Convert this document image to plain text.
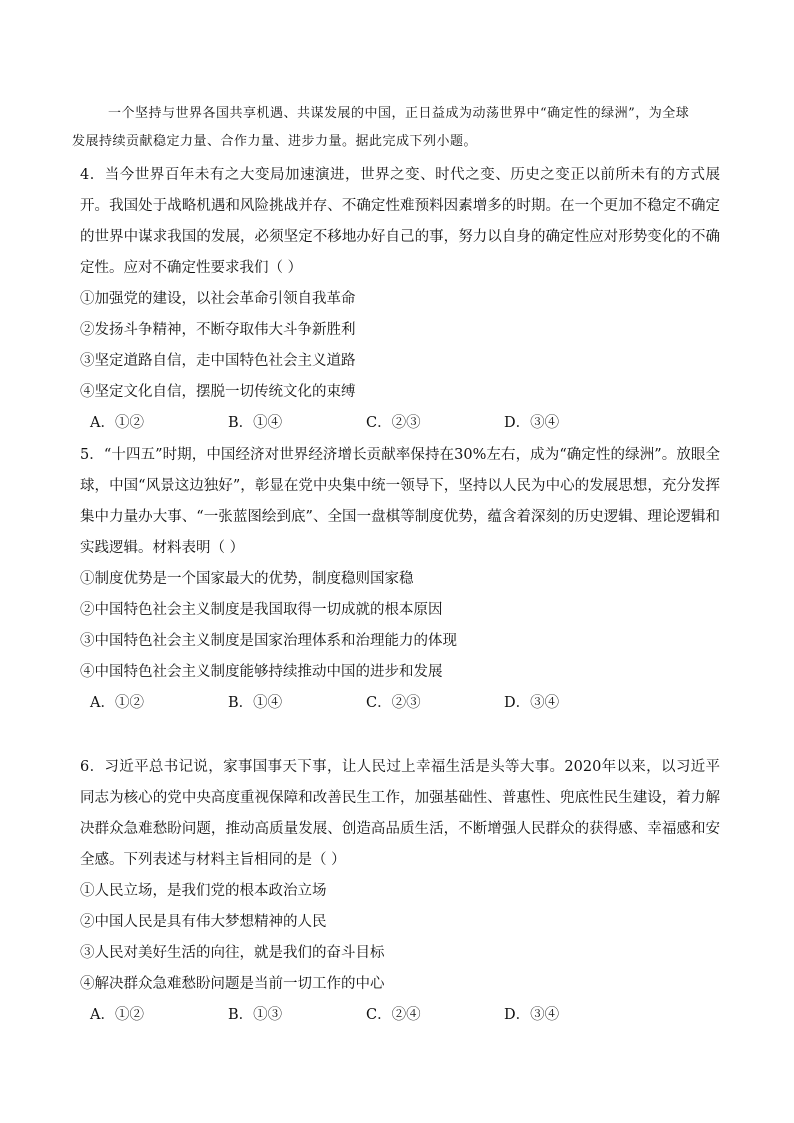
一个坚持与世界各国共享机遇、共谋发展的中国，正日益成为动荡世界中“确定性的绿洲”，为全球

发展持续贡献稳定力量、合作力量、进步力量。据此完成下列小题。

4．当今世界百年未有之大变局加速演进，世界之变、时代之变、历史之变正以前所未有的方式展开。我国处于战略机遇和风险挑战并存、不确定性难预料因素增多的时期。在一个更加不稳定不确定的世界中谋求我国的发展，必须坚定不移地办好自己的事，努力以自身的确定性应对形势变化的不确定性。应对不确定性要求我们（ ）

①加强党的建设，以社会革命引领自我革命

②发扬斗争精神，不断夺取伟大斗争新胜利

③坚定道路自信，走中国特色社会主义道路

④坚定文化自信，摆脱一切传统文化的束缚

A．①②	B．①④	C．②③	D．③④

5．“十四五”时期，中国经济对世界经济增长贡献率保持在30%左右，成为“确定性的绿洲”。放眼全球，中国“风景这边独好”，彰显在党中央集中统一领导下，坚持以人民为中心的发展思想，充分发挥集中力量办大事、“一张蓝图绘到底”、全国一盘棋等制度优势，蕴含着深刻的历史逻辑、理论逻辑和实践逻辑。材料表明（ ）

①制度优势是一个国家最大的优势，制度稳则国家稳

②中国特色社会主义制度是我国取得一切成就的根本原因

③中国特色社会主义制度是国家治理体系和治理能力的体现

④中国特色社会主义制度能够持续推动中国的进步和发展

A．①②	B．①④	C．②③	D．③④

6．习近平总书记说，家事国事天下事，让人民过上幸福生活是头等大事。2020年以来，以习近平同志为核心的党中央高度重视保障和改善民生工作，加强基础性、普惠性、兜底性民生建设，着力解决群众急难愁盼问题，推动高质量发展、创造高品质生活，不断增强人民群众的获得感、幸福感和安全感。下列表述与材料主旨相同的是（ ）

①人民立场，是我们党的根本政治立场

②中国人民是具有伟大梦想精神的人民

③人民对美好生活的向往，就是我们的奋斗目标

④解决群众急难愁盼问题是当前一切工作的中心

A．①②	B．①③	C．②④	D．③④
